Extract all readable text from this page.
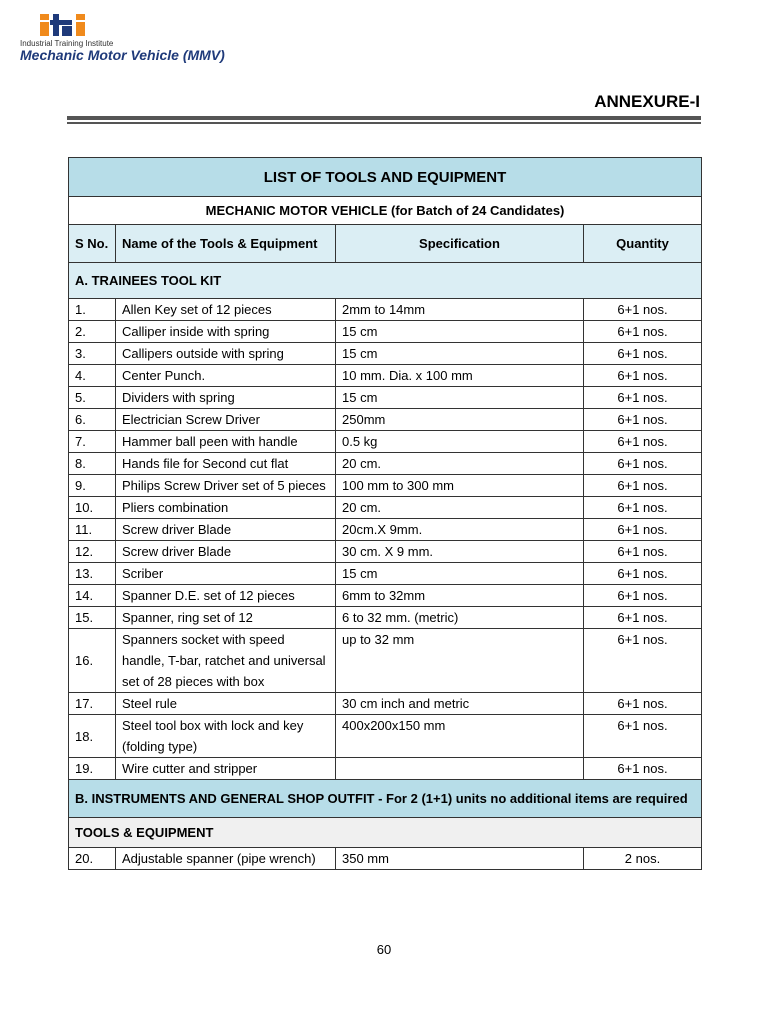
Industrial Training Institute
Mechanic Motor Vehicle (MMV)
ANNEXURE-I
LIST OF TOOLS AND EQUIPMENT			
MECHANIC MOTOR VEHICLE (for Batch of 24 Candidates)			
S No.	Name of the Tools & Equipment	Specification	Quantity
A. TRAINEES TOOL KIT			
1.	Allen Key set of 12 pieces	2mm to 14mm	6+1 nos.
2.	Calliper inside with spring	15 cm	6+1 nos.
3.	Callipers outside with spring	15 cm	6+1 nos.
4.	Center Punch.	10 mm. Dia. x 100 mm	6+1 nos.
5.	Dividers with spring	15 cm	6+1 nos.
6.	Electrician Screw Driver	250mm	6+1 nos.
7.	Hammer ball peen with handle	0.5 kg	6+1 nos.
8.	Hands file for Second cut flat	20 cm.	6+1 nos.
9.	Philips Screw Driver set of 5 pieces	100 mm to 300 mm	6+1 nos.
10.	Pliers combination	20 cm.	6+1 nos.
11.	Screw driver Blade	20cm.X 9mm.	6+1 nos.
12.	Screw driver Blade	30 cm. X 9 mm.	6+1 nos.
13.	Scriber	15 cm	6+1 nos.
14.	Spanner D.E. set of 12 pieces	6mm to 32mm	6+1 nos.
15.	Spanner, ring set of 12	6 to 32 mm. (metric)	6+1 nos.
16.	Spanners socket with speed handle, T-bar, ratchet and universal set of 28 pieces with box	up to 32 mm	6+1 nos.
17.	Steel rule	30 cm inch and metric	6+1 nos.
18.	Steel tool box with lock and key (folding type)	400x200x150 mm	6+1 nos.
19.	Wire cutter and stripper		6+1 nos.
B. INSTRUMENTS AND GENERAL SHOP OUTFIT - For 2 (1+1) units no additional items are required			
TOOLS & EQUIPMENT			
20.	Adjustable spanner (pipe wrench)	350 mm	2 nos.
60
